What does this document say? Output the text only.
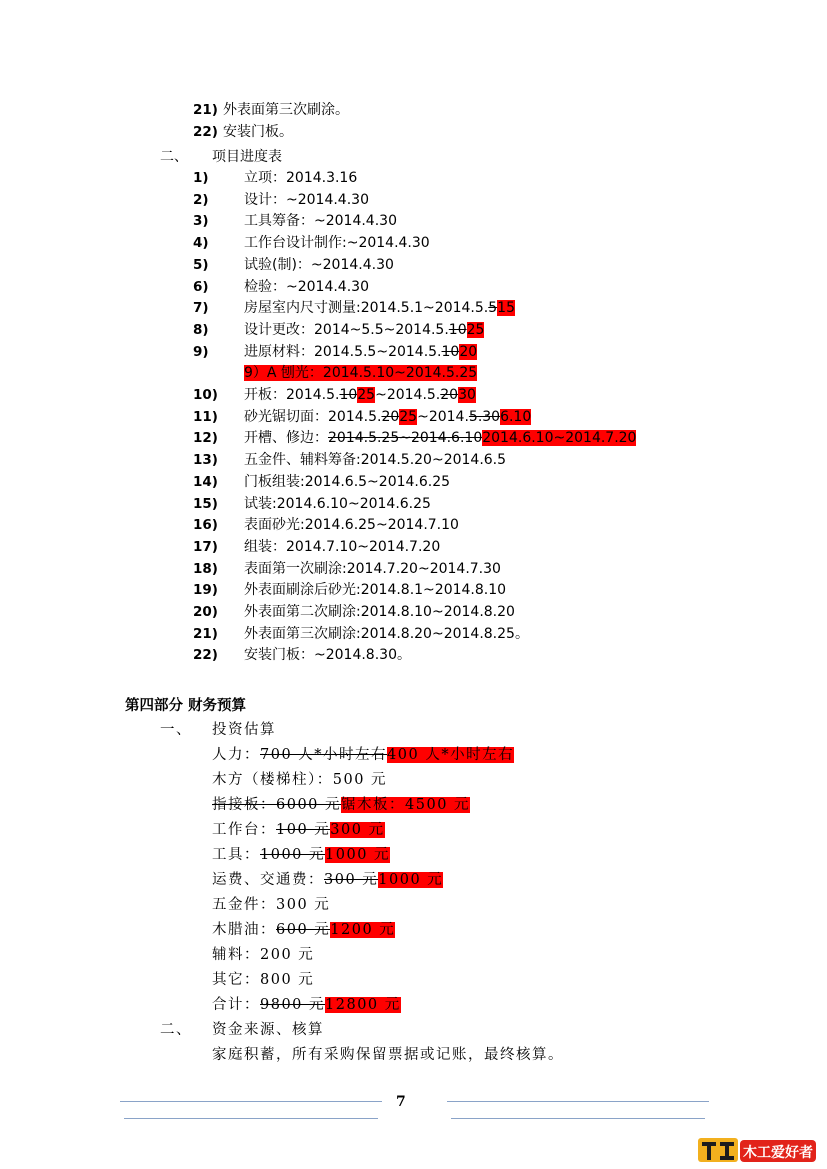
21) 外表面第三次刷涂。
22) 安装门板。
二、 项目进度表
1)	立项：2014.3.16
2)	设计：~2014.4.30
3)	工具筹备：~2014.4.30
4)	工作台设计制作:~2014.4.30
5)	试验(制)：~2014.4.30
6)	检验：~2014.4.30
7)	房屋室内尺寸测量:2014.5.1~2014.5.515
8)	设计更改：2014~5.5~2014.5.1025
9)	进原材料：2014.5.5~2014.5.1020
9）A 刨光：2014.5.10~2014.5.25
10)	开板：2014.5.1025~2014.5.2030
11)	砂光锯切面：2014.5.2025~2014.5.306.10
12)	开槽、修边：2014.5.25~2014.6.102014.6.10~2014.7.20
13)	五金件、辅料筹备:2014.5.20~2014.6.5
14)	门板组装:2014.6.5~2014.6.25
15)	试装:2014.6.10~2014.6.25
16)	表面砂光:2014.6.25~2014.7.10
17)	组装：2014.7.10~2014.7.20
18)	表面第一次刷涂:2014.7.20~2014.7.30
19)	外表面刷涂后砂光:2014.8.1~2014.8.10
20)	外表面第二次刷涂:2014.8.10~2014.8.20
21)	外表面第三次刷涂:2014.8.20~2014.8.25。
22)	安装门板：~2014.8.30。
第四部分 财务预算
一、 投资估算
人力：700 人*小时左右400 人*小时左右
木方（楼梯柱）：500 元
指接板：6000 元锯木板：4500 元
工作台：100 元300 元
工具：1000 元1000 元
运费、交通费：300 元1000 元
五金件：300 元
木腊油：600 元1200 元
辅料：200 元
其它：800 元
合计：9800 元12800 元
二、 资金来源、核算
家庭积蓄，所有采购保留票据或记账，最终核算。
7
木工爱好者
